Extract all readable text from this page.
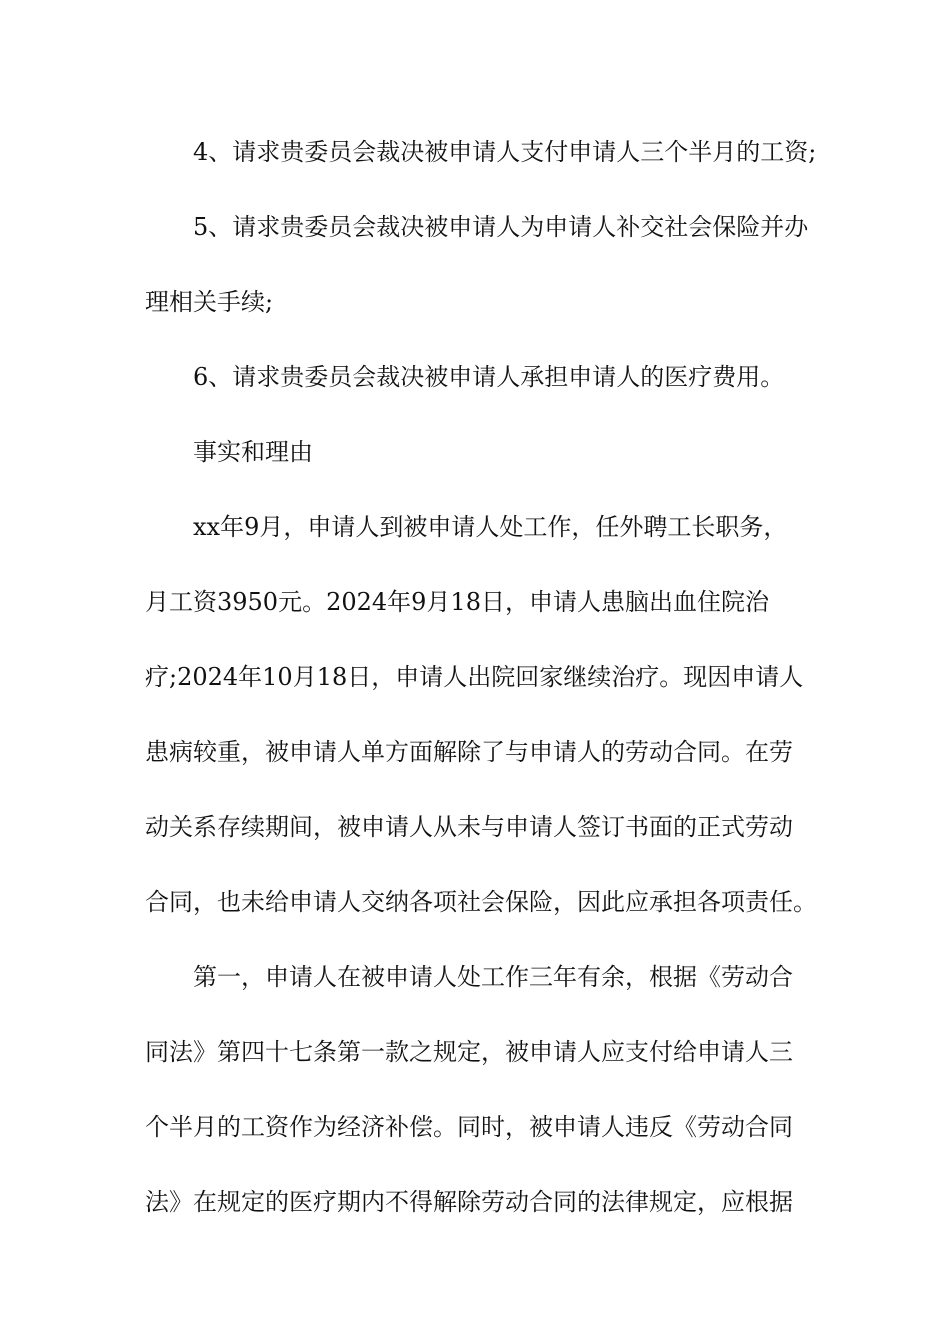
4、请求贵委员会裁决被申请人支付申请人三个半月的工资;
5、请求贵委员会裁决被申请人为申请人补交社会保险并办
理相关手续;
6、请求贵委员会裁决被申请人承担申请人的医疗费用。
事实和理由
xx年9月，申请人到被申请人处工作，任外聘工长职务，
月工资3950元。2024年9月18日，申请人患脑出血住院治
疗;2024年10月18日，申请人出院回家继续治疗。现因申请人
患病较重，被申请人单方面解除了与申请人的劳动合同。在劳
动关系存续期间，被申请人从未与申请人签订书面的正式劳动
合同，也未给申请人交纳各项社会保险，因此应承担各项责任。
第一，申请人在被申请人处工作三年有余，根据《劳动合
同法》第四十七条第一款之规定，被申请人应支付给申请人三
个半月的工资作为经济补偿。同时，被申请人违反《劳动合同
法》在规定的医疗期内不得解除劳动合同的法律规定，应根据
